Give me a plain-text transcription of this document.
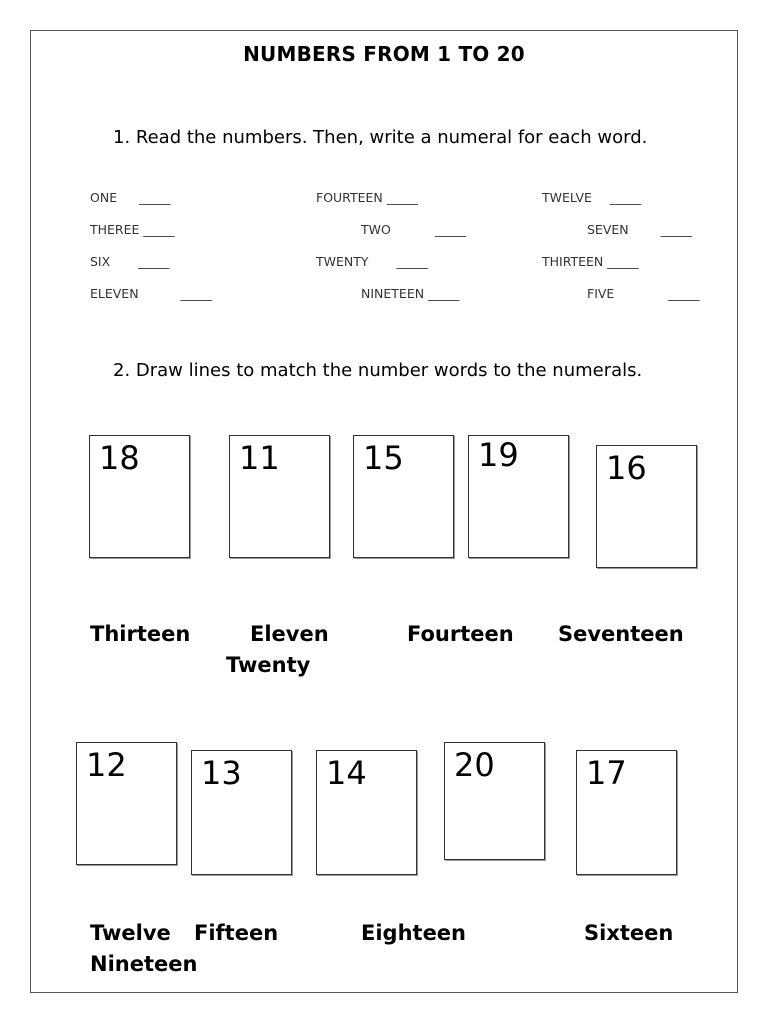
NUMBERS FROM 1 TO 20
1. Read the numbers. Then, write a numeral for each word.
ONE _____	FOURTEEN _____	TWELVE _____
THEREE _____	TWO	_____	SEVEN	_____
SIX _____	TWENTY _____	THIRTEEN _____
ELEVEN	_____	NINETEEN _____	FIVE	_____
2. Draw lines to match the number words to the numerals.
18	11	15 19	16
Thirteen	Eleven	Fourteen Seventeen
Twenty
12 13	14	20	17
Twelve Fifteen	Eighteen	Sixteen
Nineteen
